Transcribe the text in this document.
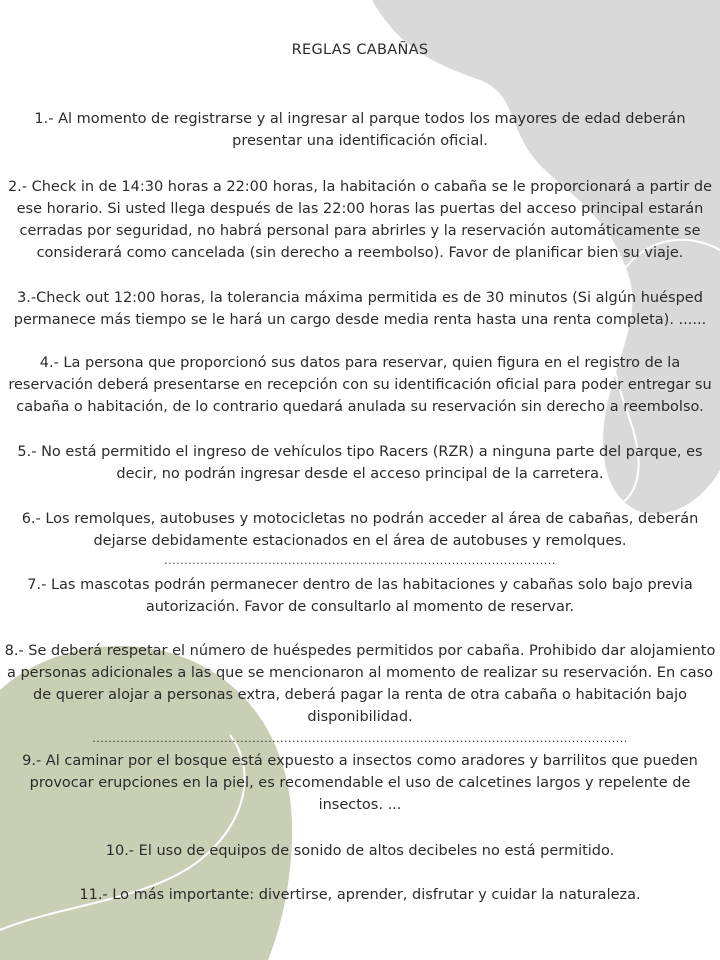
REGLAS CABAÑAS
1.- Al momento de registrarse y al ingresar al parque todos los mayores de edad deberán presentar una identificación oficial.
2.- Check in de 14:30 horas a 22:00 horas, la habitación o cabaña se le proporcionará a partir de ese horario. Si usted llega después de las 22:00 horas las puertas del acceso principal estarán cerradas por seguridad, no habrá personal para abrirles y la reservación automáticamente se considerará como cancelada (sin derecho a reembolso). Favor de planificar bien su viaje.
3.-Check out 12:00 horas, la tolerancia máxima permitida es de 30 minutos (Si algún huésped permanece más tiempo se le hará un cargo desde media renta hasta una renta completa). ......
4.- La persona que proporcionó sus datos para reservar, quien figura en el registro de la reservación deberá presentarse en recepción con su identificación oficial para poder entregar su cabaña o habitación, de lo contrario quedará anulada su reservación sin derecho a reembolso.
5.- No está permitido el ingreso de vehículos tipo Racers (RZR) a ninguna parte del parque, es decir, no podrán ingresar desde el acceso principal de la carretera.
6.- Los remolques, autobuses y motocicletas no podrán acceder al área de cabañas, deberán dejarse debidamente estacionados en el área de autobuses y remolques.
..................................................................................................
7.- Las mascotas podrán permanecer dentro de las habitaciones y cabañas solo bajo previa autorización. Favor de consultarlo al momento de reservar.
8.- Se deberá respetar el número de huéspedes permitidos por cabaña. Prohibido dar alojamiento a personas adicionales a las que se mencionaron al momento de realizar su reservación. En caso de querer alojar a personas extra, deberá pagar la renta de otra cabaña o habitación bajo disponibilidad.
......................................................................................................................................
9.- Al caminar por el bosque está expuesto a insectos como aradores y barrilitos que pueden provocar erupciones en la piel, es recomendable el uso de calcetines largos y repelente de insectos. ...
10.- El uso de equipos de sonido de altos decibeles no está permitido.
11.- Lo más importante: divertirse, aprender, disfrutar y cuidar la naturaleza.
